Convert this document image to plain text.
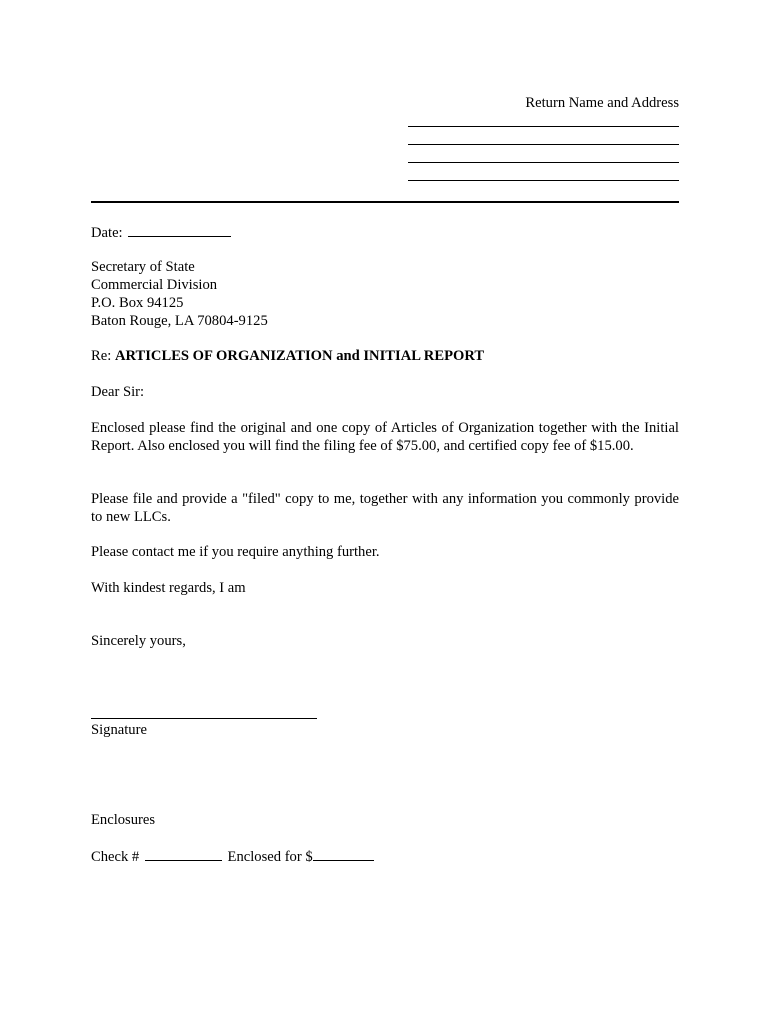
Return Name and Address
Date:
Secretary of State
Commercial Division
P.O. Box 94125
Baton Rouge, LA 70804-9125
Re: ARTICLES OF ORGANIZATION and INITIAL REPORT
Dear Sir:
Enclosed please find the original and one copy of Articles of Organization together with the Initial Report. Also enclosed you will find the filing fee of $75.00, and certified copy fee of $15.00.
Please file and provide a "filed" copy to me, together with any information you commonly provide to new LLCs.
Please contact me if you require anything further.
With kindest regards, I am
Sincerely yours,
Signature
Enclosures
Check #	Enclosed for $
